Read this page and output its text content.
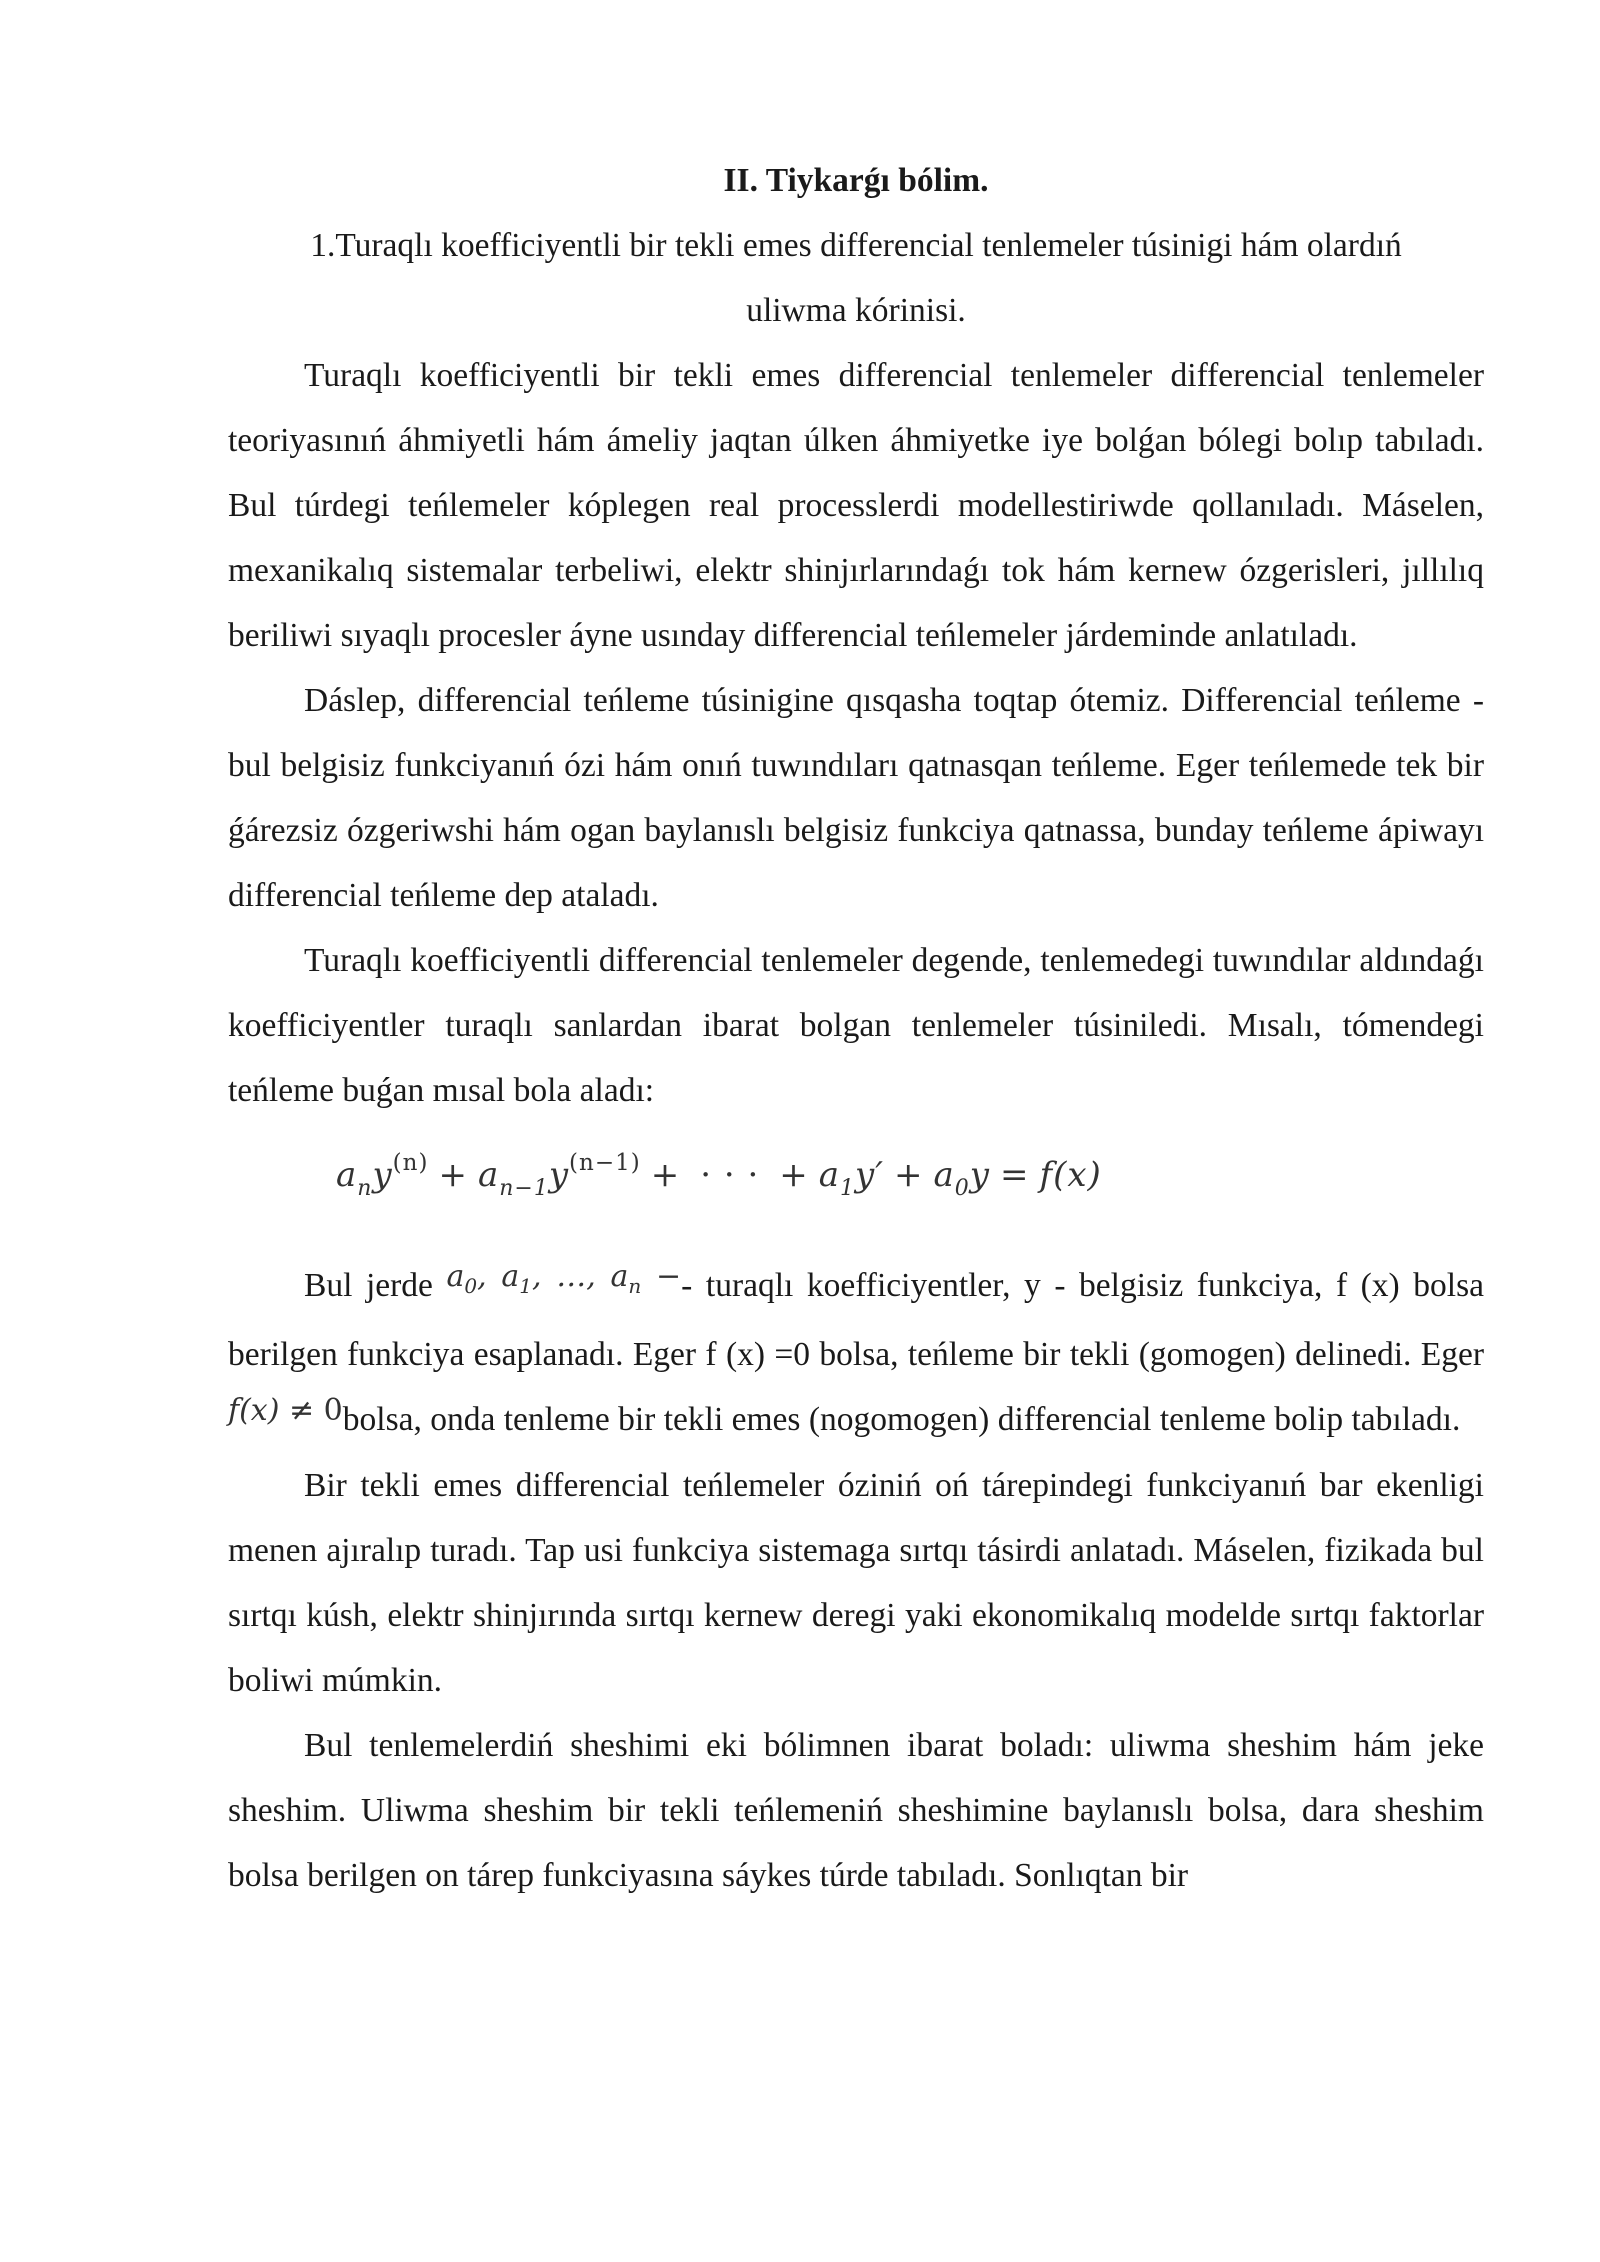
II. Tiykarǵı bólim.

1.Turaqlı koefficiyentli bir tekli emes differencial tenlemeler túsinigi hám olardıń

uliwma kórinisi.

Turaqlı koefficiyentli bir tekli emes differencial tenlemeler differencial tenlemeler teoriyasınıń áhmiyetli hám ámeliy jaqtan úlken áhmiyetke iye bolǵan bólegi bolıp tabıladı. Bul túrdegi teńlemeler kóplegen real processlerdi modellestiriwde qollanıladı. Máselen, mexanikalıq sistemalar terbeliwi, elektr shinjırlarındaǵı tok hám kernew ózgerisleri, jıllılıq beriliwi sıyaqlı procesler áyne usınday differencial teńlemeler járdeminde anlatıladı.

Dáslep, differencial teńleme túsinigine qısqasha toqtap ótemiz. Differencial teńleme - bul belgisiz funkciyanıń ózi hám onıń tuwındıları qatnasqan teńleme. Eger teńlemede tek bir ǵárezsiz ózgeriwshi hám ogan baylanıslı belgisiz funkciya qatnassa, bunday teńleme ápiwayı differencial teńleme dep ataladı.

Turaqlı koefficiyentli differencial tenlemeler degende, tenlemedegi tuwındılar aldındaǵı koefficiyentler turaqlı sanlardan ibarat bolgan tenlemeler túsiniledi. Mısalı, tómendegi teńleme buǵan mısal bola aladı:

$a_ny^{(n)} + a_{n-1}y^{(n-1)}$ + · · · + $a_1y' + a_0y = f(x)$

Bul jerde $a_0$, $a_1$, …, $a_n$ −- turaqlı koefficiyentler, y - belgisiz funkciya, f (x) bolsa berilgen funkciya esaplanadı. Eger f (x) =0 bolsa, teńleme bir tekli (gomogen) delinedi. Eger f(x) ≠ 0bolsa, onda tenleme bir tekli emes (nogomogen) differencial tenleme bolip tabıladı.

Bir tekli emes differencial teńlemeler óziniń oń tárepindegi funkciyanıń bar ekenligi menen ajıralıp turadı. Tap usi funkciya sistemaga sırtqı tásirdi anlatadı. Máselen, fizikada bul sırtqı kúsh, elektr shinjırında sırtqı kernew deregi yaki ekonomikalıq modelde sırtqı faktorlar boliwi múmkin.

Bul tenlemelerdiń sheshimi eki bólimnen ibarat boladı: uliwma sheshim hám jeke sheshim. Uliwma sheshim bir tekli teńlemeniń sheshimine baylanıslı bolsa, dara sheshim bolsa berilgen on tárep funkciyasına sáykes túrde tabıladı. Sonlıqtan bir
